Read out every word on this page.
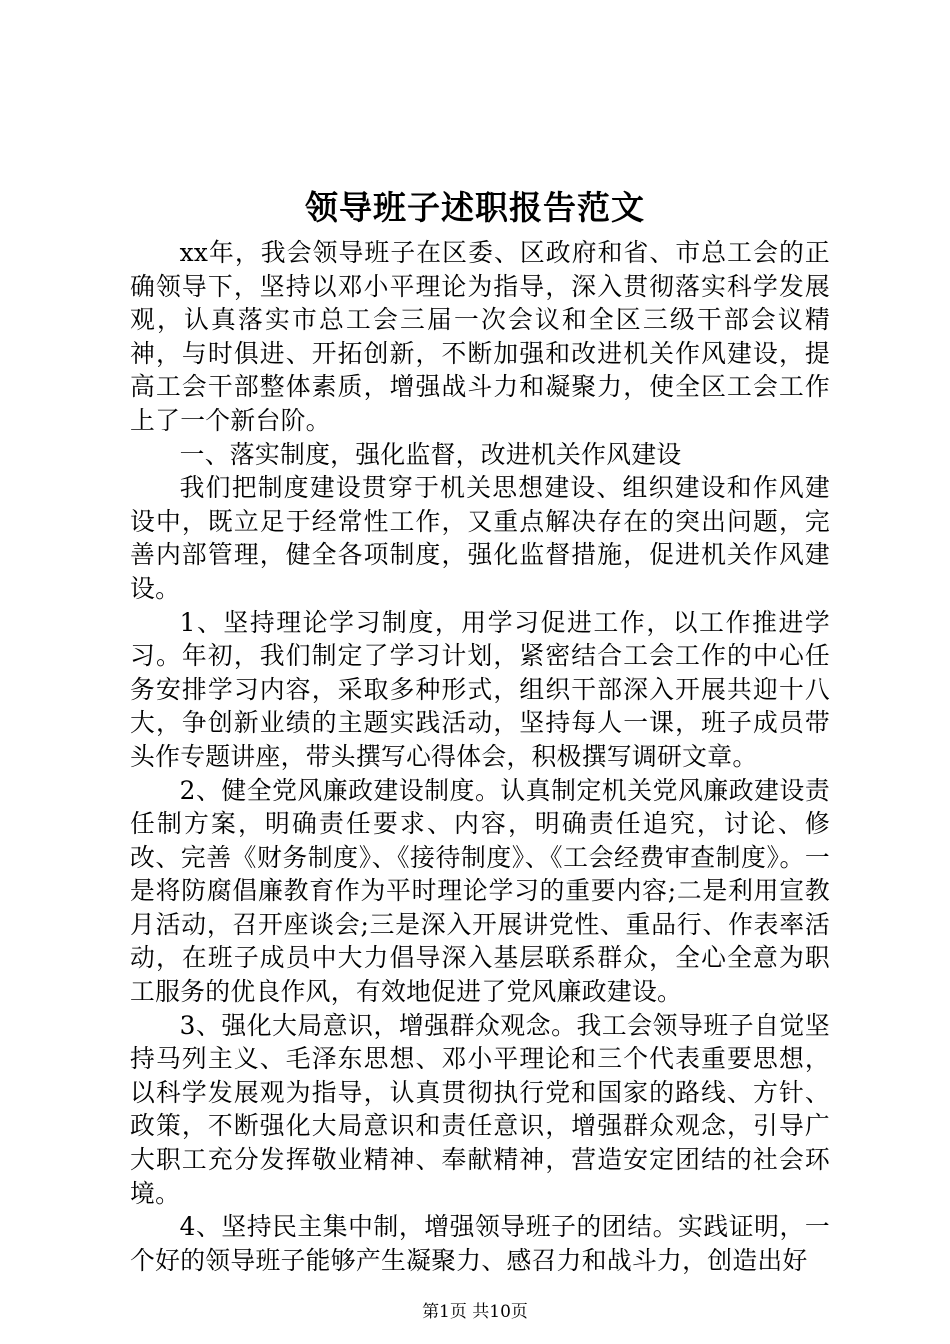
领导班子述职报告范文

xx年，我会领导班子在区委、区政府和省、市总工会的正确领导下，坚持以邓小平理论为指导，深入贯彻落实科学发展观，认真落实市总工会三届一次会议和全区三级干部会议精神，与时俱进、开拓创新，不断加强和改进机关作风建设，提高工会干部整体素质，增强战斗力和凝聚力，使全区工会工作上了一个新台阶。

一、落实制度，强化监督，改进机关作风建设

我们把制度建设贯穿于机关思想建设、组织建设和作风建设中，既立足于经常性工作，又重点解决存在的突出问题，完善内部管理，健全各项制度，强化监督措施，促进机关作风建设。

1、坚持理论学习制度，用学习促进工作，以工作推进学习。年初，我们制定了学习计划，紧密结合工会工作的中心任务安排学习内容，采取多种形式，组织干部深入开展共迎十八大，争创新业绩的主题实践活动，坚持每人一课，班子成员带头作专题讲座，带头撰写心得体会，积极撰写调研文章。

2、健全党风廉政建设制度。认真制定机关党风廉政建设责任制方案，明确责任要求、内容，明确责任追究，讨论、修改、完善《财务制度》、《接待制度》、《工会经费审查制度》。一是将防腐倡廉教育作为平时理论学习的重要内容;二是利用宣教月活动，召开座谈会;三是深入开展讲党性、重品行、作表率活动，在班子成员中大力倡导深入基层联系群众，全心全意为职工服务的优良作风，有效地促进了党风廉政建设。

3、强化大局意识，增强群众观念。我工会领导班子自觉坚持马列主义、毛泽东思想、邓小平理论和三个代表重要思想，以科学发展观为指导，认真贯彻执行党和国家的路线、方针、政策，不断强化大局意识和责任意识，增强群众观念，引导广大职工充分发挥敬业精神、奉献精神，营造安定团结的社会环境。

4、坚持民主集中制，增强领导班子的团结。实践证明，一个好的领导班子能够产生凝聚力、感召力和战斗力，创造出好

第1页 共10页
